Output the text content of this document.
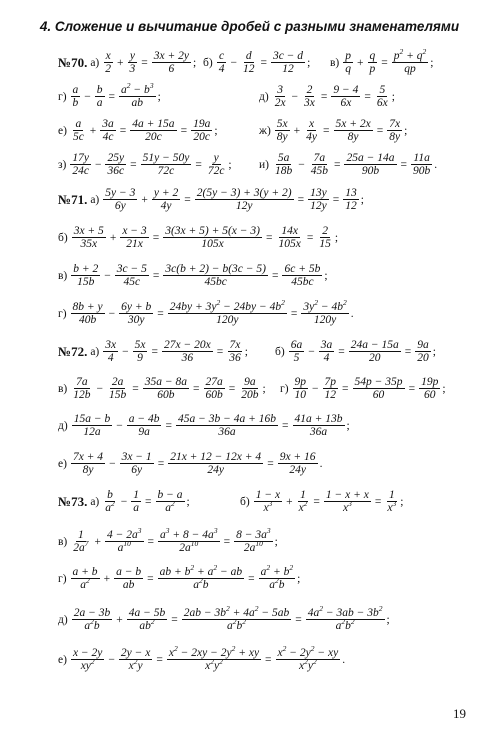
4. Сложение и вычитание дробей с разными знаменателями
№70. $а) \frac{x}{2} + \frac{y}{3} = \frac{3x + 2y}{6}$ ; $б) \frac{c}{4} - \frac{d}{12} = \frac{3c - d}{12}$ ; $в) \frac{p}{q} + \frac{q}{p} = \frac{p^2 + q^2}{qp}$ ;
$г) \frac{a}{b} - \frac{b}{a} = \frac{a^2 - b^3}{ab}$ ;	$д) \frac{3}{2x} - \frac{2}{3x} = \frac{9 - 4}{6x} = \frac{5}{6x}$ ;
$е) \frac{a}{5c} + \frac{3a}{4c} = \frac{4a + 15a}{20c} = \frac{19a}{20c}$ ;	$ж) \frac{5x}{8y} + \frac{x}{4y} = \frac{5x + 2x}{8y} = \frac{7x}{8y}$ ;
$з) \frac{17y}{24c} - \frac{25y}{36c} = \frac{51y - 50y}{72c} = \frac{y}{72c}$ ; $и) \frac{5a}{18b} - \frac{7a}{45b} = \frac{25a - 14a}{90b} = \frac{11a}{90b}$ .
№71. $а) \frac{5y - 3}{6y} + \frac{y + 2}{4y} = \frac{2(5y - 3) + 3(y + 2)}{12y} = \frac{13y}{12y} = \frac{13}{12}$ ;
$б) \frac{3x + 5}{35x} + \frac{x - 3}{21x} = \frac{3(3x + 5) + 5(x - 3)}{105x} = \frac{14x}{105x} = \frac{2}{15}$ ;
$в) \frac{b + 2}{15b} - \frac{3c - 5}{45c} = \frac{3c(b + 2) - b(3c - 5)}{45bc} = \frac{6c + 5b}{45bc}$ ;
$г) \frac{8b + y}{40b} - \frac{6y + b}{30y} = \frac{24by + 3y^2 - 24by - 4b^2}{120y} = \frac{3y^2 - 4b^2}{120y}$ .
№72. $а) \frac{3x}{4} - \frac{5x}{9} = \frac{27x - 20x}{36} = \frac{7x}{36}$ ; $б) \frac{6a}{5} - \frac{3a}{4} = \frac{24a - 15a}{20} = \frac{9a}{20}$ ;
$в) \frac{7a}{12b} - \frac{2a}{15b} = \frac{35a - 8a}{60b} = \frac{27a}{60b} = \frac{9a}{20b}$ ; $г) \frac{9p}{10} - \frac{7p}{12} = \frac{54p - 35p}{60} = \frac{19p}{60}$ ;
$д) \frac{15a - b}{12a} - \frac{a - 4b}{9a} = \frac{45a - 3b - 4a + 16b}{36a} = \frac{41a + 13b}{36a}$ ;
$е) \frac{7x + 4}{8y} - \frac{3x - 1}{6y} = \frac{21x + 12 - 12x + 4}{24y} = \frac{9x + 16}{24y}$ .
№73. $а) \frac{b}{a^2} - \frac{1}{a} = \frac{b - a}{a^2}$ ;	$б) \frac{1 - x}{x^3} + \frac{1}{x^2} = \frac{1 - x + x}{x^3} = \frac{1}{x^3}$ ;
$в) \frac{1}{2a^7} + \frac{4 - 2a^3}{a^{10}} = \frac{a^3 + 8 - 4a^3}{2a^{10}} = \frac{8 - 3a^3}{2a^{10}}$ ;
$г) \frac{a + b}{a^2} + \frac{a - b}{ab} = \frac{ab + b^2 + a^2 - ab}{a^2b} = \frac{a^2 + b^2}{a^2b}$ ;
$д) \frac{2a - 3b}{a^2b} + \frac{4a - 5b}{ab^2} = \frac{2ab - 3b^2 + 4a^2 - 5ab}{a^2b^2} = \frac{4a^2 - 3ab - 3b^2}{a^2b^2}$ ;
$е) \frac{x - 2y}{xy^2} - \frac{2y - x}{x^2y} = \frac{x^2 - 2xy - 2y^2 + xy}{x^2y^2} = \frac{x^2 - 2y^2 - xy}{x^2y^2}$ .
19
